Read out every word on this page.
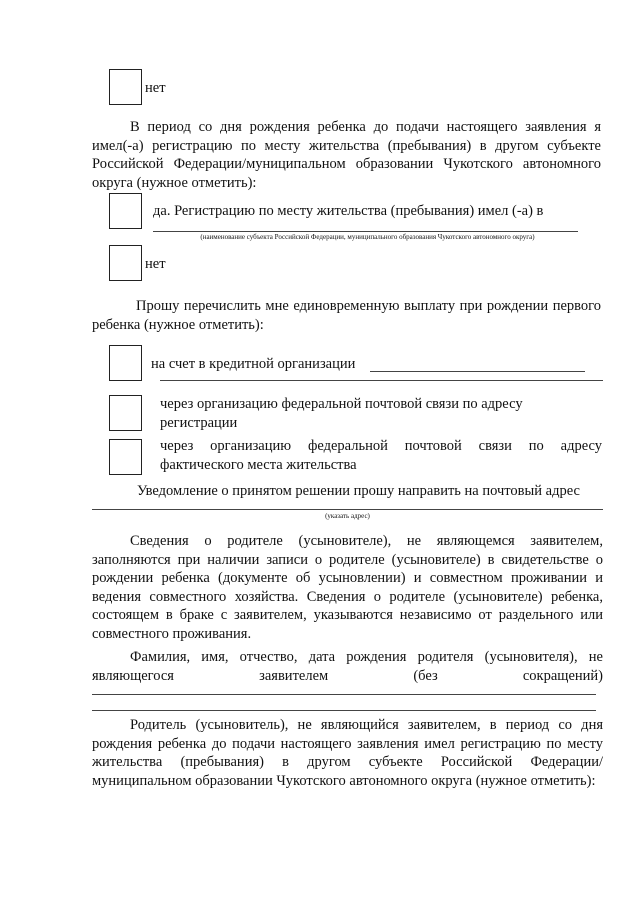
нет
В период со дня рождения ребенка до подачи настоящего заявления я имел(-а) регистрацию по месту жительства (пребывания) в другом субъекте Российской Федерации/муниципальном образовании Чукотского автономного округа (нужное отметить):
да. Регистрацию по месту жительства (пребывания) имел (-а) в
(наименование субъекта Российской Федерации, муниципального образования Чукотского автономного округа)
нет
Прошу перечислить мне единовременную выплату при рождении первого ребенка (нужное отметить):
на счет в кредитной организации
через организацию федеральной почтовой связи по адресу регистрации
через организацию федеральной почтовой связи по адресу фактического места жительства
Уведомление о принятом решении прошу направить на почтовый адрес
(указать адрес)
Сведения о родителе (усыновителе), не являющемся заявителем, заполняются при наличии записи о родителе (усыновителе) в свидетельстве о рождении ребенка (документе об усыновлении) и совместном проживании и ведения совместного хозяйства. Сведения о родителе (усыновителе) ребенка, состоящем в браке с заявителем, указываются независимо от раздельного или совместного проживания.
Фамилия, имя, отчество, дата рождения родителя (усыновителя), не являющегося заявителем (без сокращений)
Родитель (усыновитель), не являющийся заявителем, в период со дня рождения ребенка до подачи настоящего заявления имел регистрацию по месту жительства (пребывания) в другом субъекте Российской Федерации/муниципальном образовании Чукотского автономного округа (нужное отметить):
